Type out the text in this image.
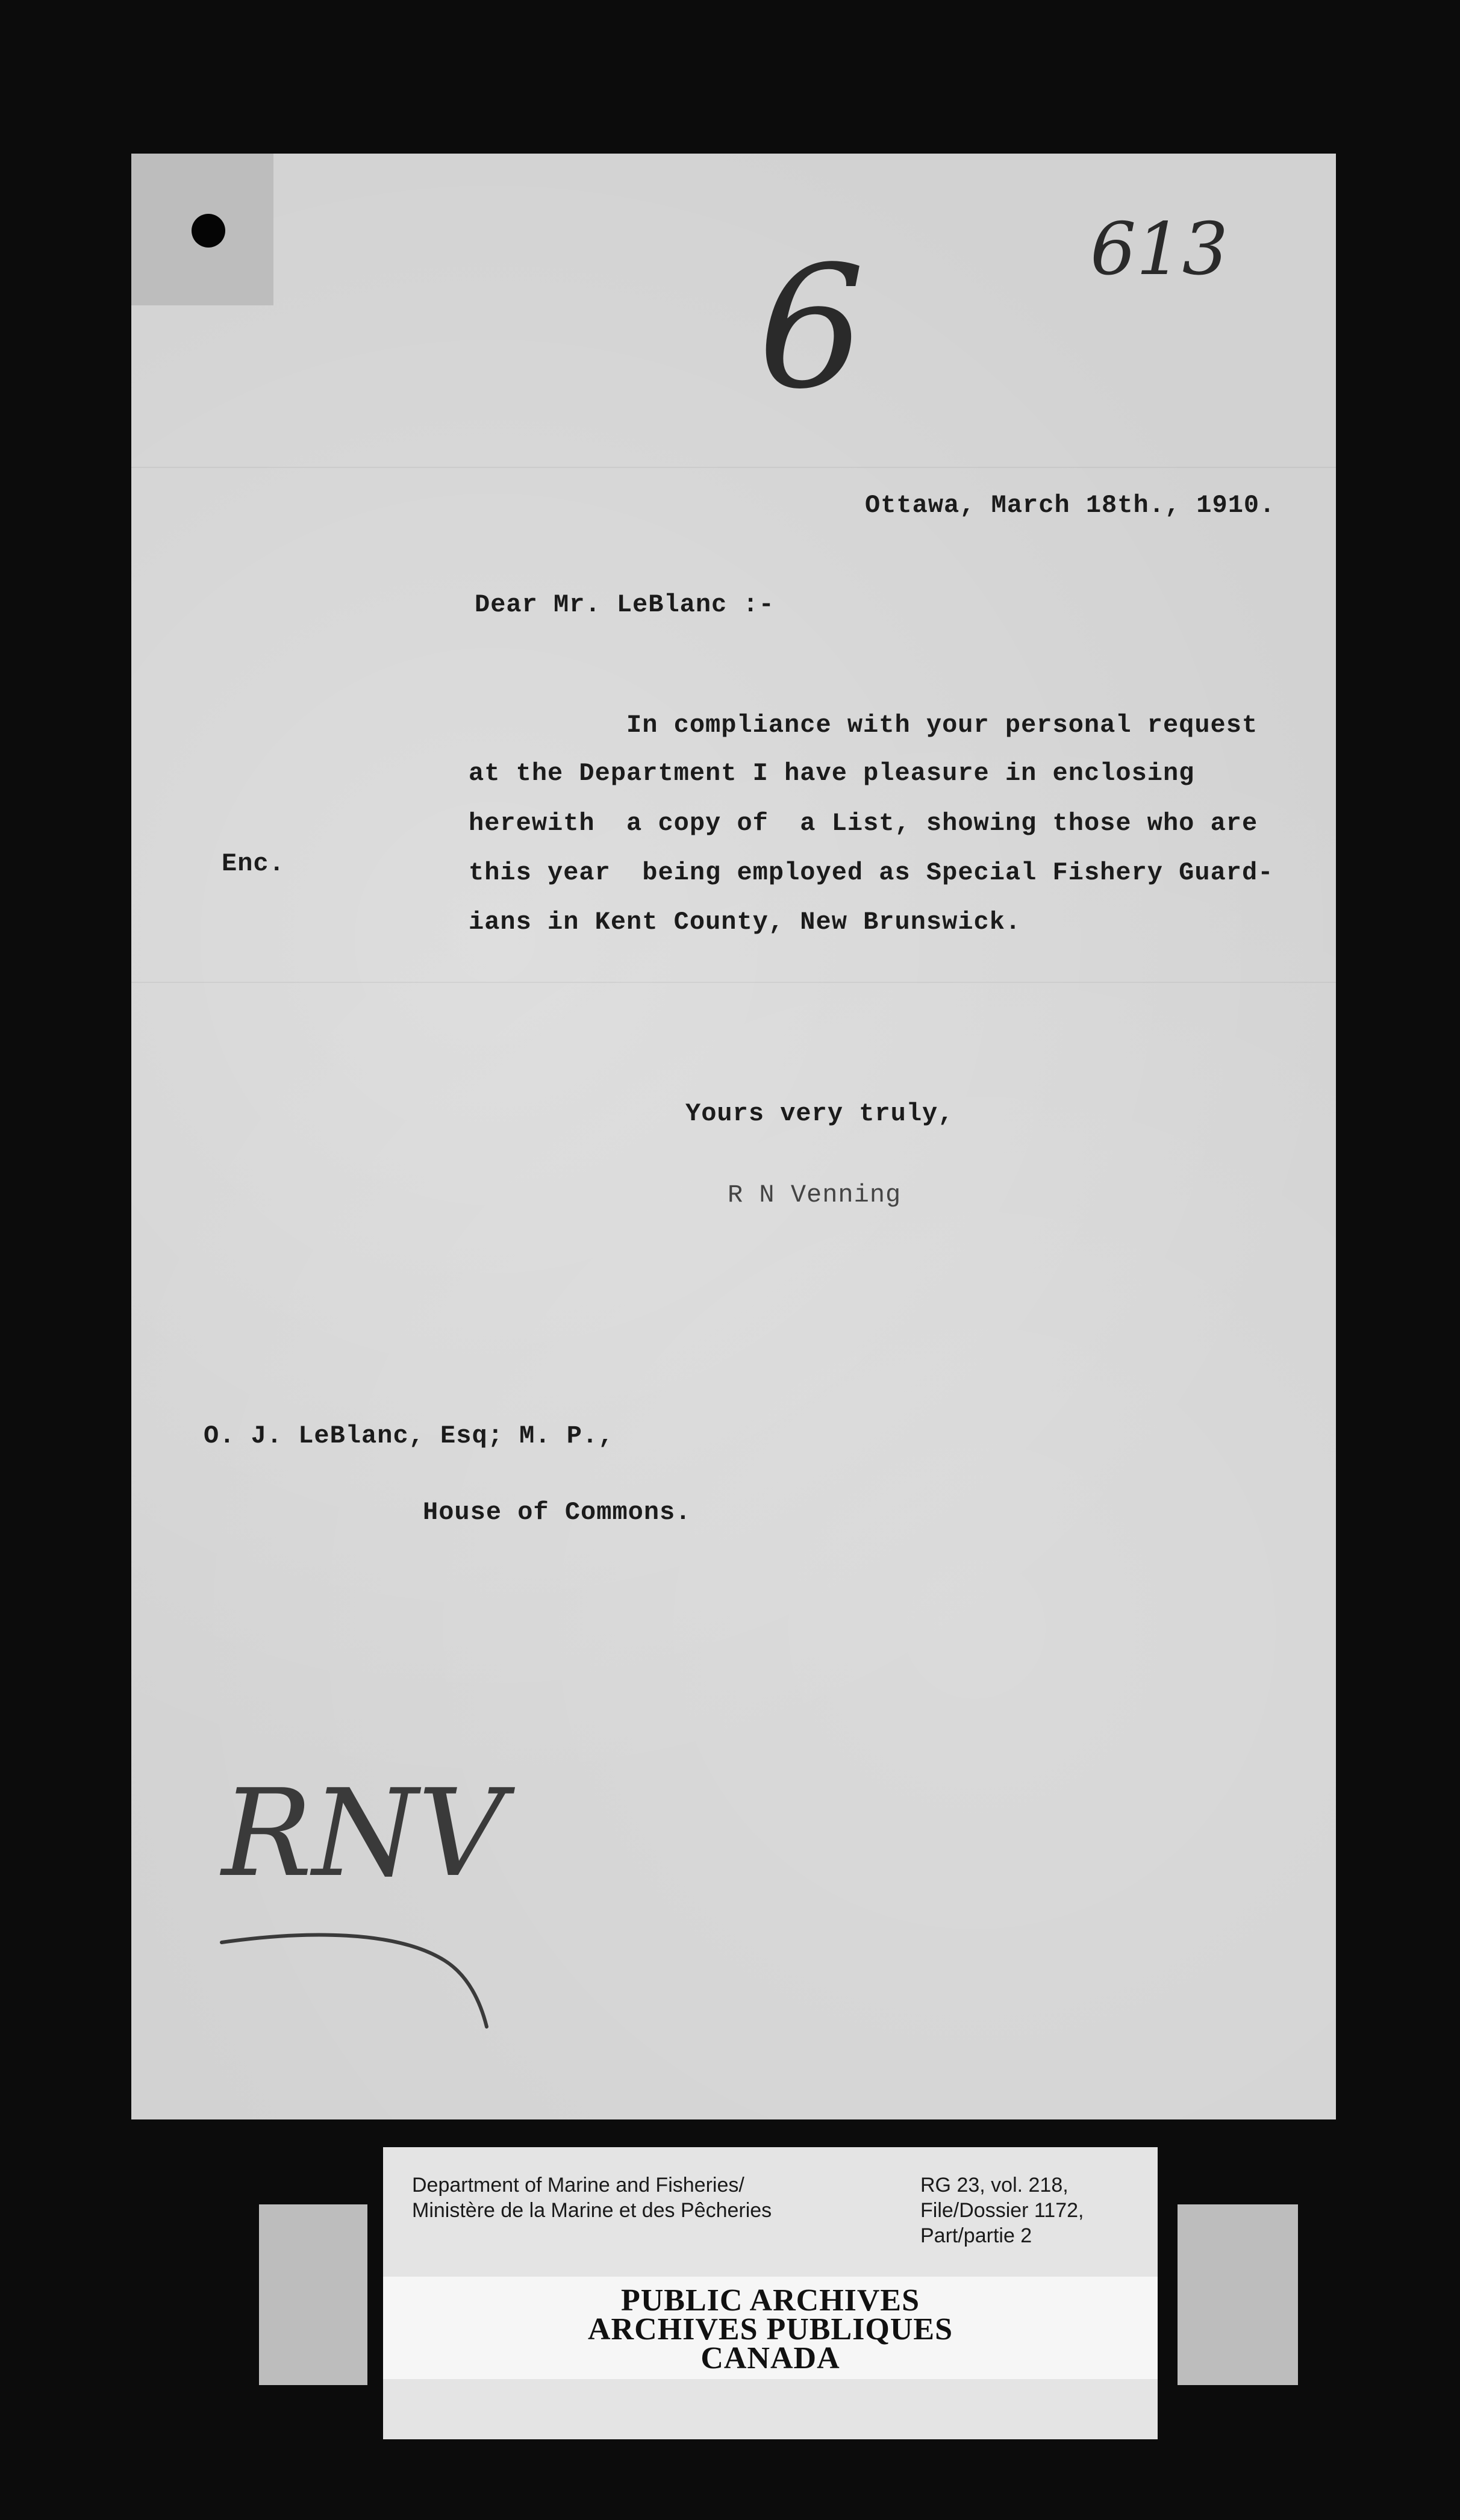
613
6
Ottawa, March 18th., 1910.
Dear Mr. LeBlanc :-
In compliance with your personal request
at the Department I have pleasure in enclosing
herewith  a copy of  a List, showing those who are
this year  being employed as Special Fishery Guard-
ians in Kent County, New Brunswick.
Enc.
Yours very truly,
R N Venning
O. J. LeBlanc, Esq; M. P.,
House of Commons.
RNV
Department of Marine and Fisheries/
Ministère de la Marine et des Pêcheries
RG 23, vol. 218,
File/Dossier 1172,
Part/partie 2
PUBLIC ARCHIVES
ARCHIVES PUBLIQUES
CANADA
